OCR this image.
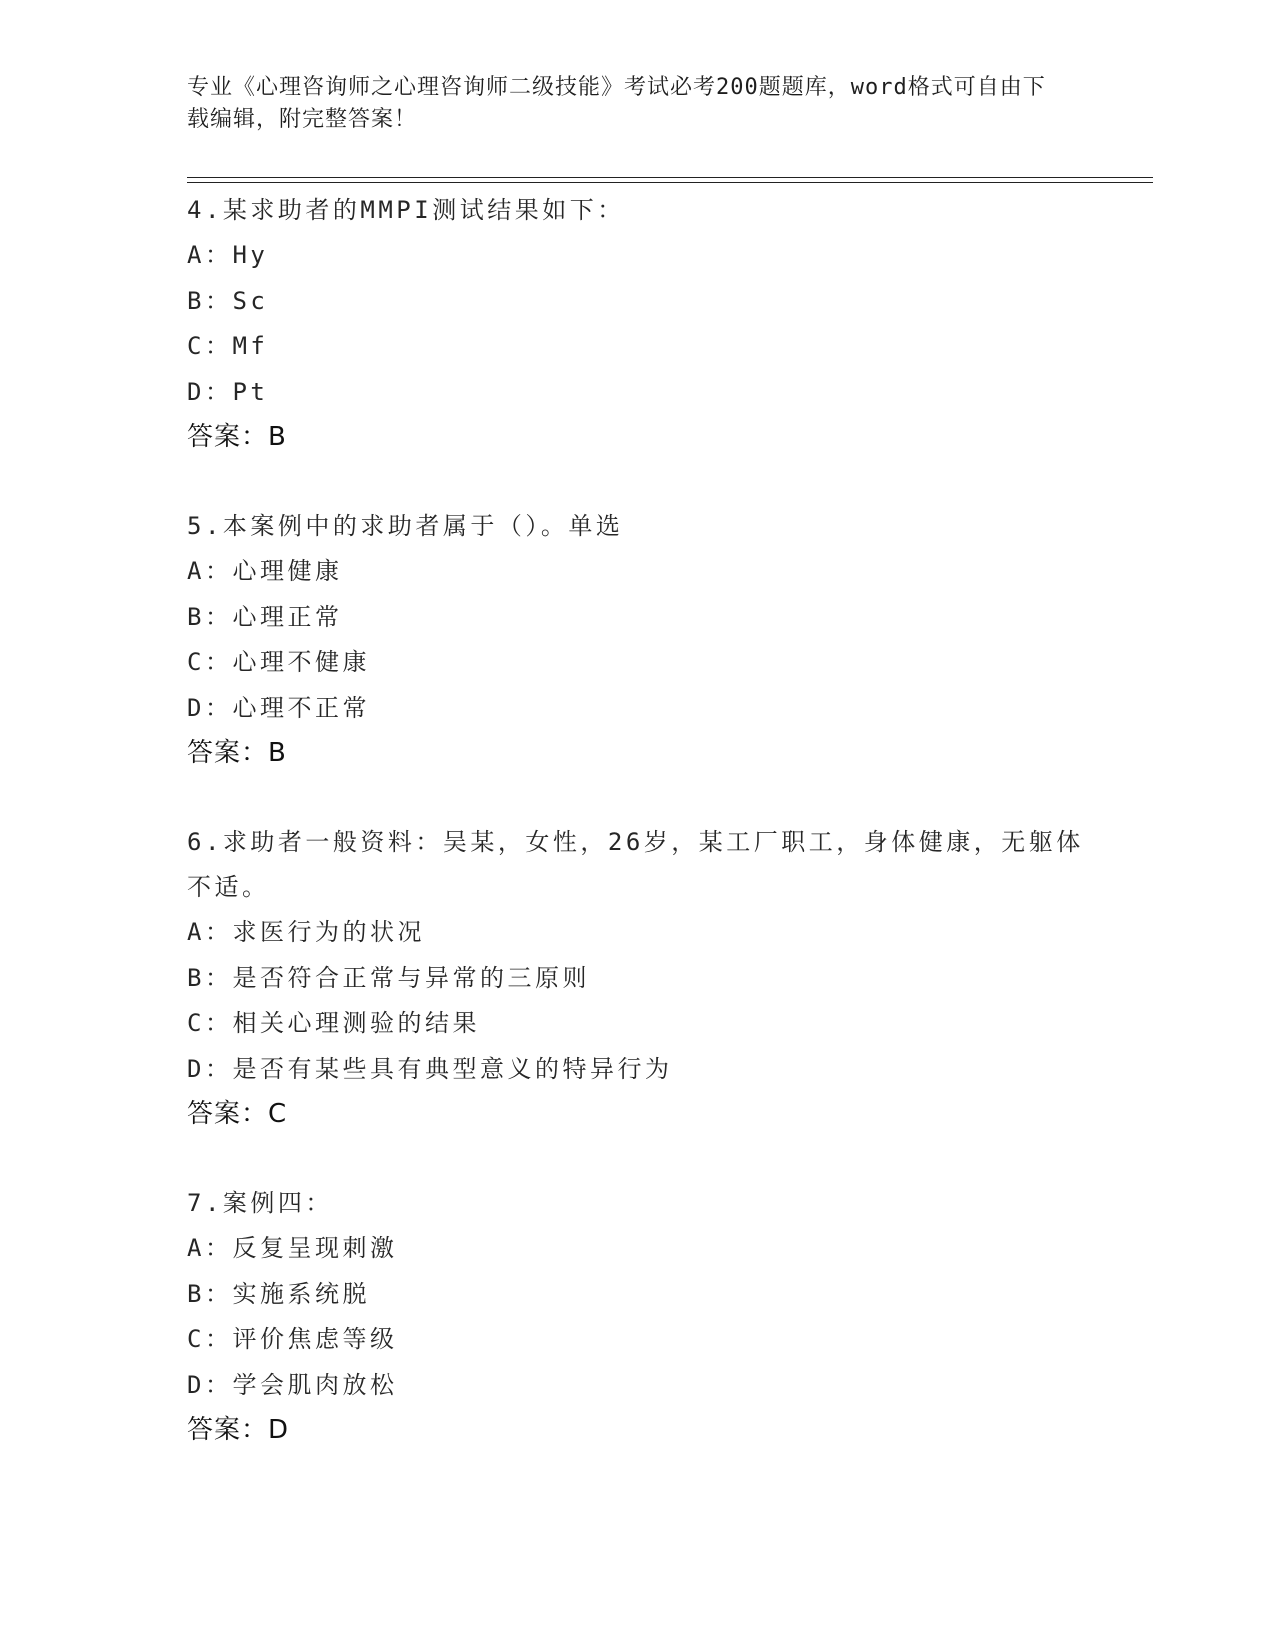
专业《心理咨询师之心理咨询师二级技能》考试必考200题题库，word格式可自由下载编辑，附完整答案！
4.某求助者的MMPI测试结果如下：
A：Hy
B：Sc
C：Mf
D：Pt
答案：B
5.本案例中的求助者属于（）。单选
A：心理健康
B：心理正常
C：心理不健康
D：心理不正常
答案：B
6.求助者一般资料：吴某，女性，26岁，某工厂职工，身体健康，无躯体不适。
A：求医行为的状况
B：是否符合正常与异常的三原则
C：相关心理测验的结果
D：是否有某些具有典型意义的特异行为
答案：C
7.案例四：
A：反复呈现刺激
B：实施系统脱
C：评价焦虑等级
D：学会肌肉放松
答案：D
